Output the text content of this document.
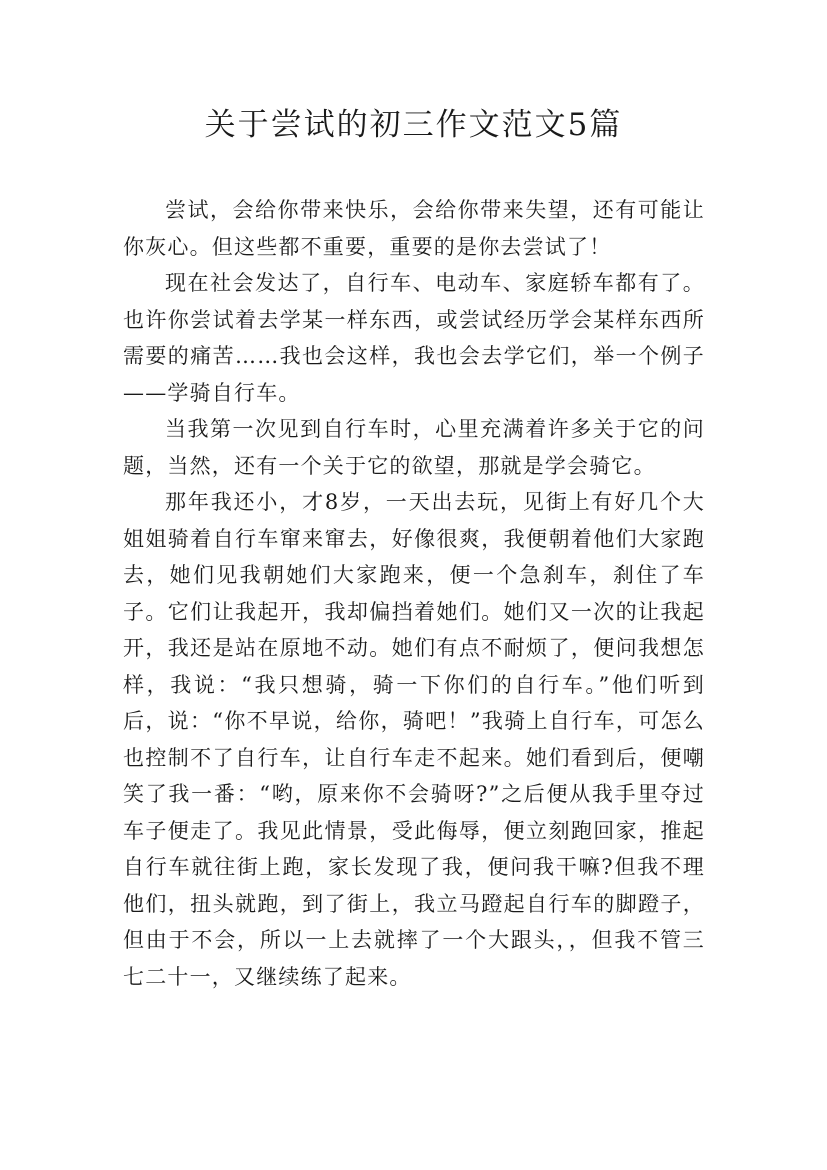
关于尝试的初三作文范文5篇

尝试，会给你带来快乐，会给你带来失望，还有可能让你灰心。但这些都不重要，重要的是你去尝试了！

现在社会发达了，自行车、电动车、家庭轿车都有了。也许你尝试着去学某一样东西，或尝试经历学会某样东西所需要的痛苦……我也会这样，我也会去学它们，举一个例子——学骑自行车。

当我第一次见到自行车时，心里充满着许多关于它的问题，当然，还有一个关于它的欲望，那就是学会骑它。

那年我还小，才8岁，一天出去玩，见街上有好几个大姐姐骑着自行车窜来窜去，好像很爽，我便朝着他们大家跑去，她们见我朝她们大家跑来，便一个急刹车，刹住了车子。它们让我起开，我却偏挡着她们。她们又一次的让我起开，我还是站在原地不动。她们有点不耐烦了，便问我想怎样，我说：“我只想骑，骑一下你们的自行车。”他们听到后，说：“你不早说，给你，骑吧！”我骑上自行车，可怎么也控制不了自行车，让自行车走不起来。她们看到后，便嘲笑了我一番：“哟，原来你不会骑呀?”之后便从我手里夺过车子便走了。我见此情景，受此侮辱，便立刻跑回家，推起自行车就往街上跑，家长发现了我，便问我干嘛?但我不理他们，扭头就跑，到了街上，我立马蹬起自行车的脚蹬子，但由于不会，所以一上去就摔了一个大跟头，，但我不管三七二十一，又继续练了起来。
